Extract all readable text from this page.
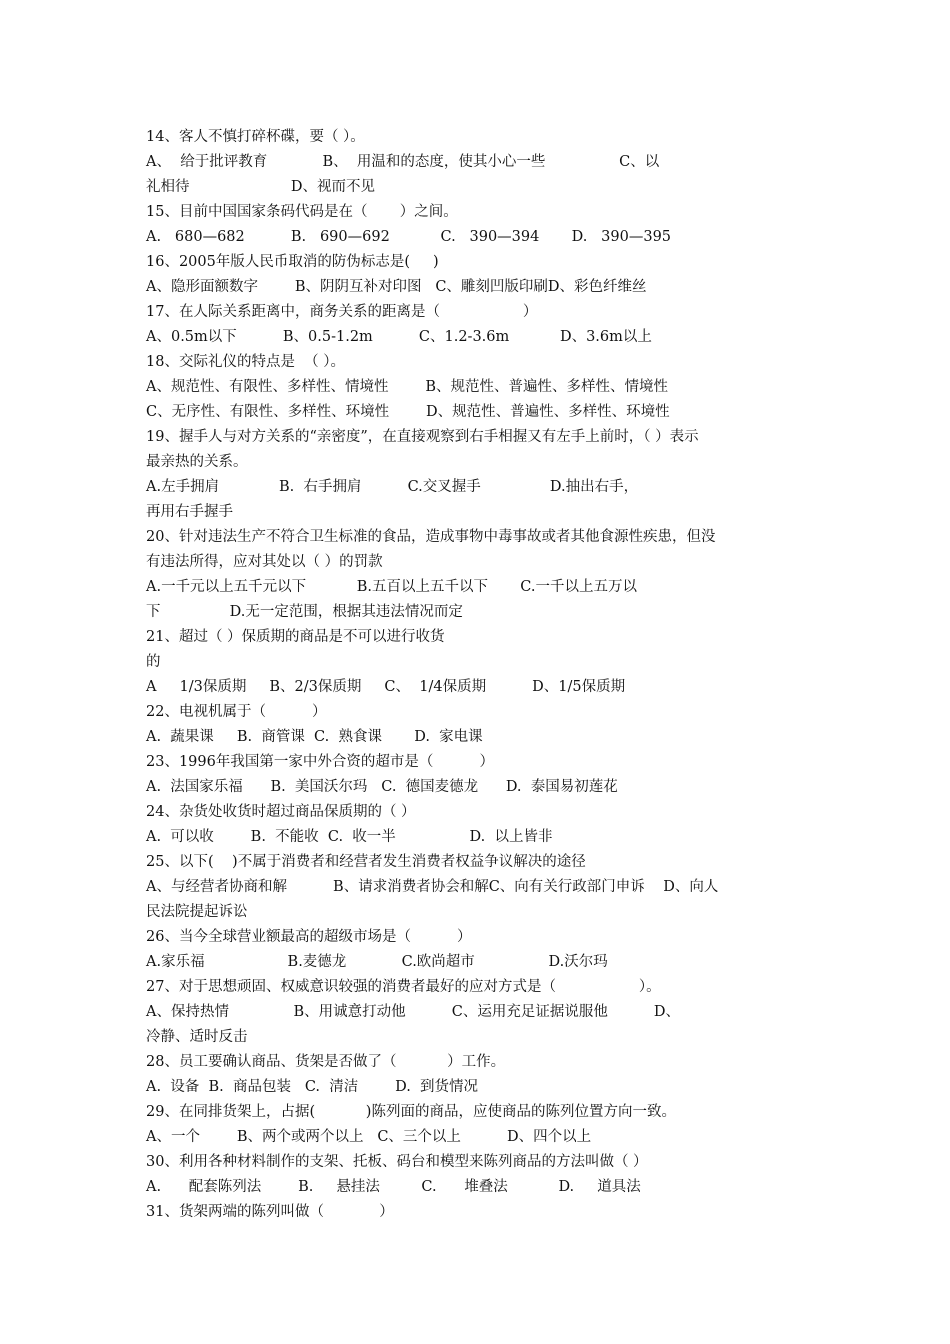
14、客人不慎打碎杯碟，要（ ）。
A、  给于批评教育            B、  用温和的态度，使其小心一些                C、以
礼相待                      D、视而不见
15、目前中国国家条码代码是在（       ）之间。
A.   680—682          B.   690—692           C.   390—394       D.   390—395
16、2005年版人民币取消的防伪标志是(     )
A、隐形面额数字        B、阴阴互补对印图   C、雕刻凹版印刷D、彩色纤维丝
17、在人际关系距离中，商务关系的距离是（                  ）
A、0.5m以下          B、0.5-1.2m          C、1.2-3.6m           D、3.6m以上
18、交际礼仪的特点是  （ ）。
A、规范性、有限性、多样性、情境性        B、规范性、普遍性、多样性、情境性
C、无序性、有限性、多样性、环境性        D、规范性、普遍性、多样性、环境性
19、握手人与对方关系的“亲密度”，在直接观察到右手相握又有左手上前时，（ ）表示
最亲热的关系。
A.左手拥肩             B.  右手拥肩          C.交叉握手               D.抽出右手，
再用右手握手
20、针对违法生产不符合卫生标准的食品，造成事物中毒事故或者其他食源性疾患，但没
有违法所得，应对其处以（ ）的罚款
A.一千元以上五千元以下           B.五百以上五千以下       C.一千以上五万以
下               D.无一定范围，根据其违法情况而定
21、超过（ ）保质期的商品是不可以进行收货
的
A     1/3保质期     B、2/3保质期     C、  1/4保质期          D、1/5保质期
22、电视机属于（          ）
A.  蔬果课     B.  商管课  C.  熟食课       D.  家电课
23、1996年我国第一家中外合资的超市是（          ）
A.  法国家乐福      B.  美国沃尔玛   C.  德国麦德龙      D.  泰国易初莲花
24、杂货处收货时超过商品保质期的（ ）
A.  可以收        B.  不能收  C.  收一半                D.  以上皆非
25、以下(    )不属于消费者和经营者发生消费者权益争议解决的途径
A、与经营者协商和解          B、请求消费者协会和解C、向有关行政部门申诉    D、向人
民法院提起诉讼
26、当今全球营业额最高的超级市场是（          ）
A.家乐福                  B.麦德龙            C.欧尚超市                D.沃尔玛
27、对于思想顽固、权威意识较强的消费者最好的应对方式是（                  ）。
A、保持热情              B、用诚意打动他          C、运用充足证据说服他          D、
冷静、适时反击
28、员工要确认商品、货架是否做了（           ）工作。
A.  设备  B.  商品包装   C.  清洁        D.  到货情况
29、在同排货架上，占据(           )陈列面的商品，应使商品的陈列位置方向一致。
A、一个        B、两个或两个以上   C、三个以上          D、四个以上
30、利用各种材料制作的支架、托板、码台和模型来陈列商品的方法叫做（ ）
A.      配套陈列法        B.     悬挂法         C.      堆叠法           D.     道具法
31、货架两端的陈列叫做（            ）
